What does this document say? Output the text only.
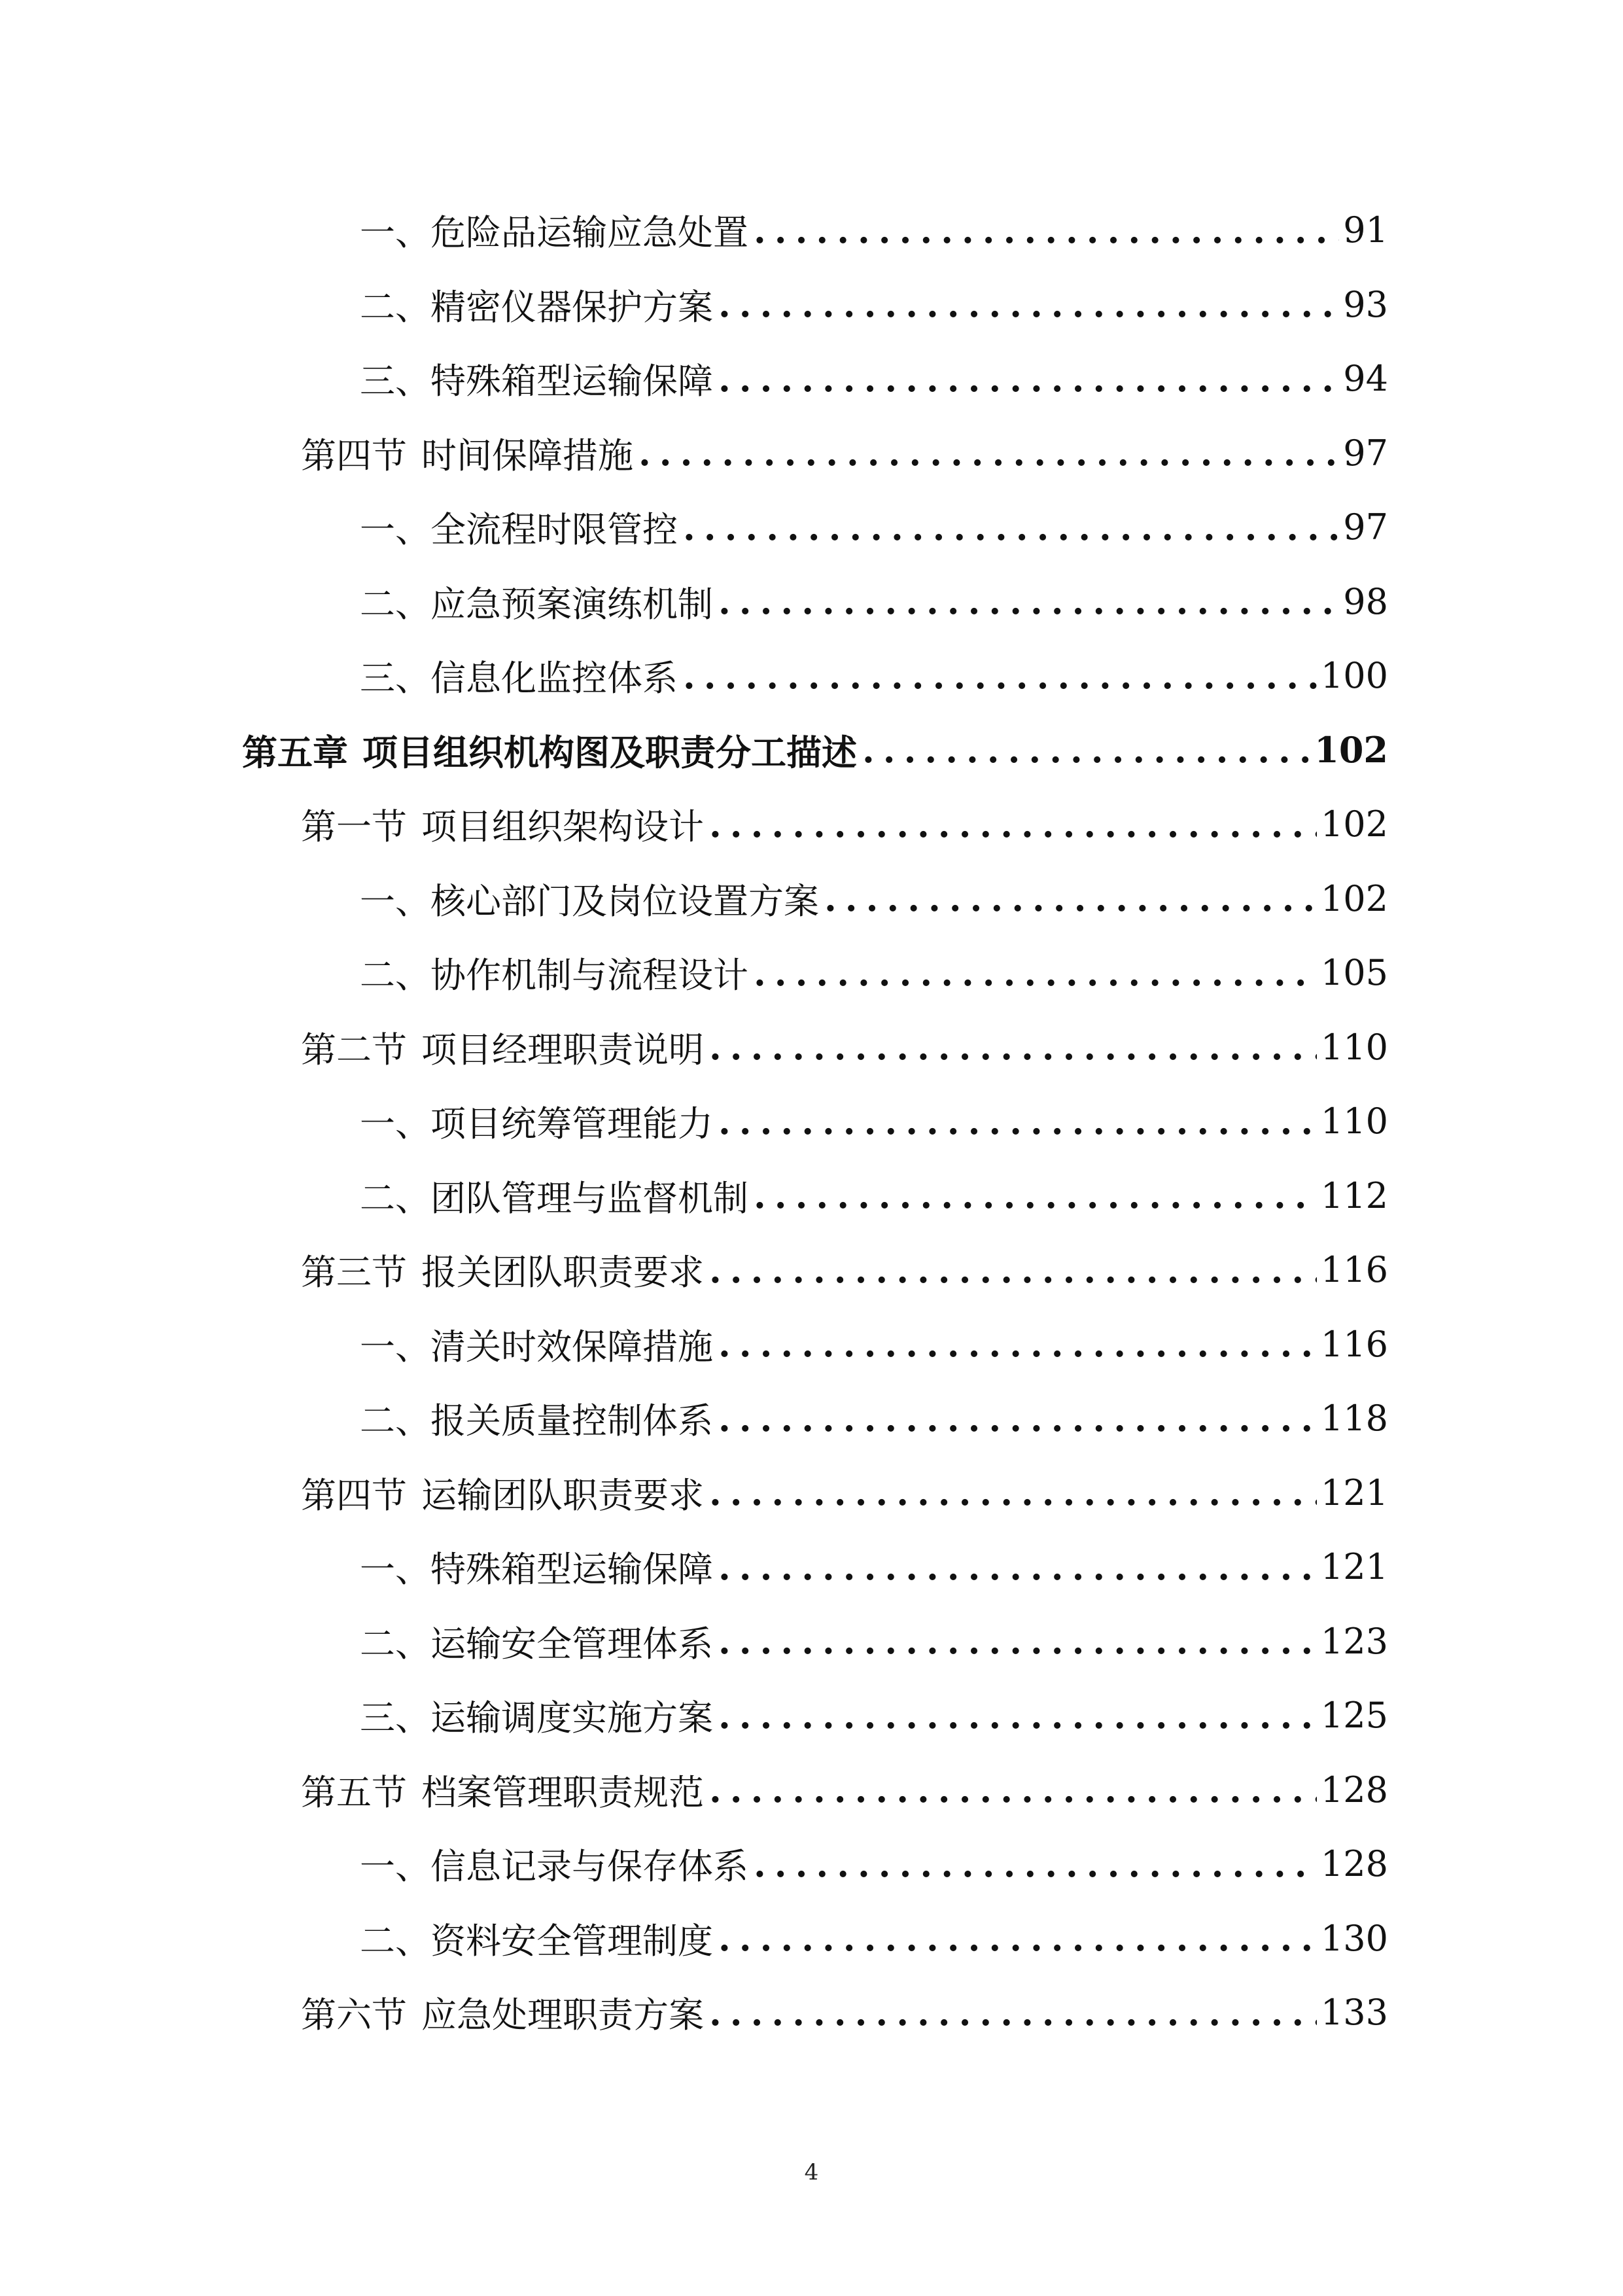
一、危险品运输应急处置 .....	91
二、精密仪器保护方案 .....	93
三、特殊箱型运输保障 .....	94
第四节 时间保障措施 .....	97
一、全流程时限管控 .....	97
二、应急预案演练机制 .....	98
三、信息化监控体系 .....	100
第五章 项目组织机构图及职责分工描述 .....	102
第一节 项目组织架构设计 .....	102
一、核心部门及岗位设置方案 .....	102
二、协作机制与流程设计 .....	105
第二节 项目经理职责说明 .....	110
一、项目统筹管理能力 .....	110
二、团队管理与监督机制 .....	112
第三节 报关团队职责要求 .....	116
一、清关时效保障措施 .....	116
二、报关质量控制体系 .....	118
第四节 运输团队职责要求 .....	121
一、特殊箱型运输保障 .....	121
二、运输安全管理体系 .....	123
三、运输调度实施方案 .....	125
第五节 档案管理职责规范 .....	128
一、信息记录与保存体系 .....	128
二、资料安全管理制度 .....	130
第六节 应急处理职责方案 .....	133
4
